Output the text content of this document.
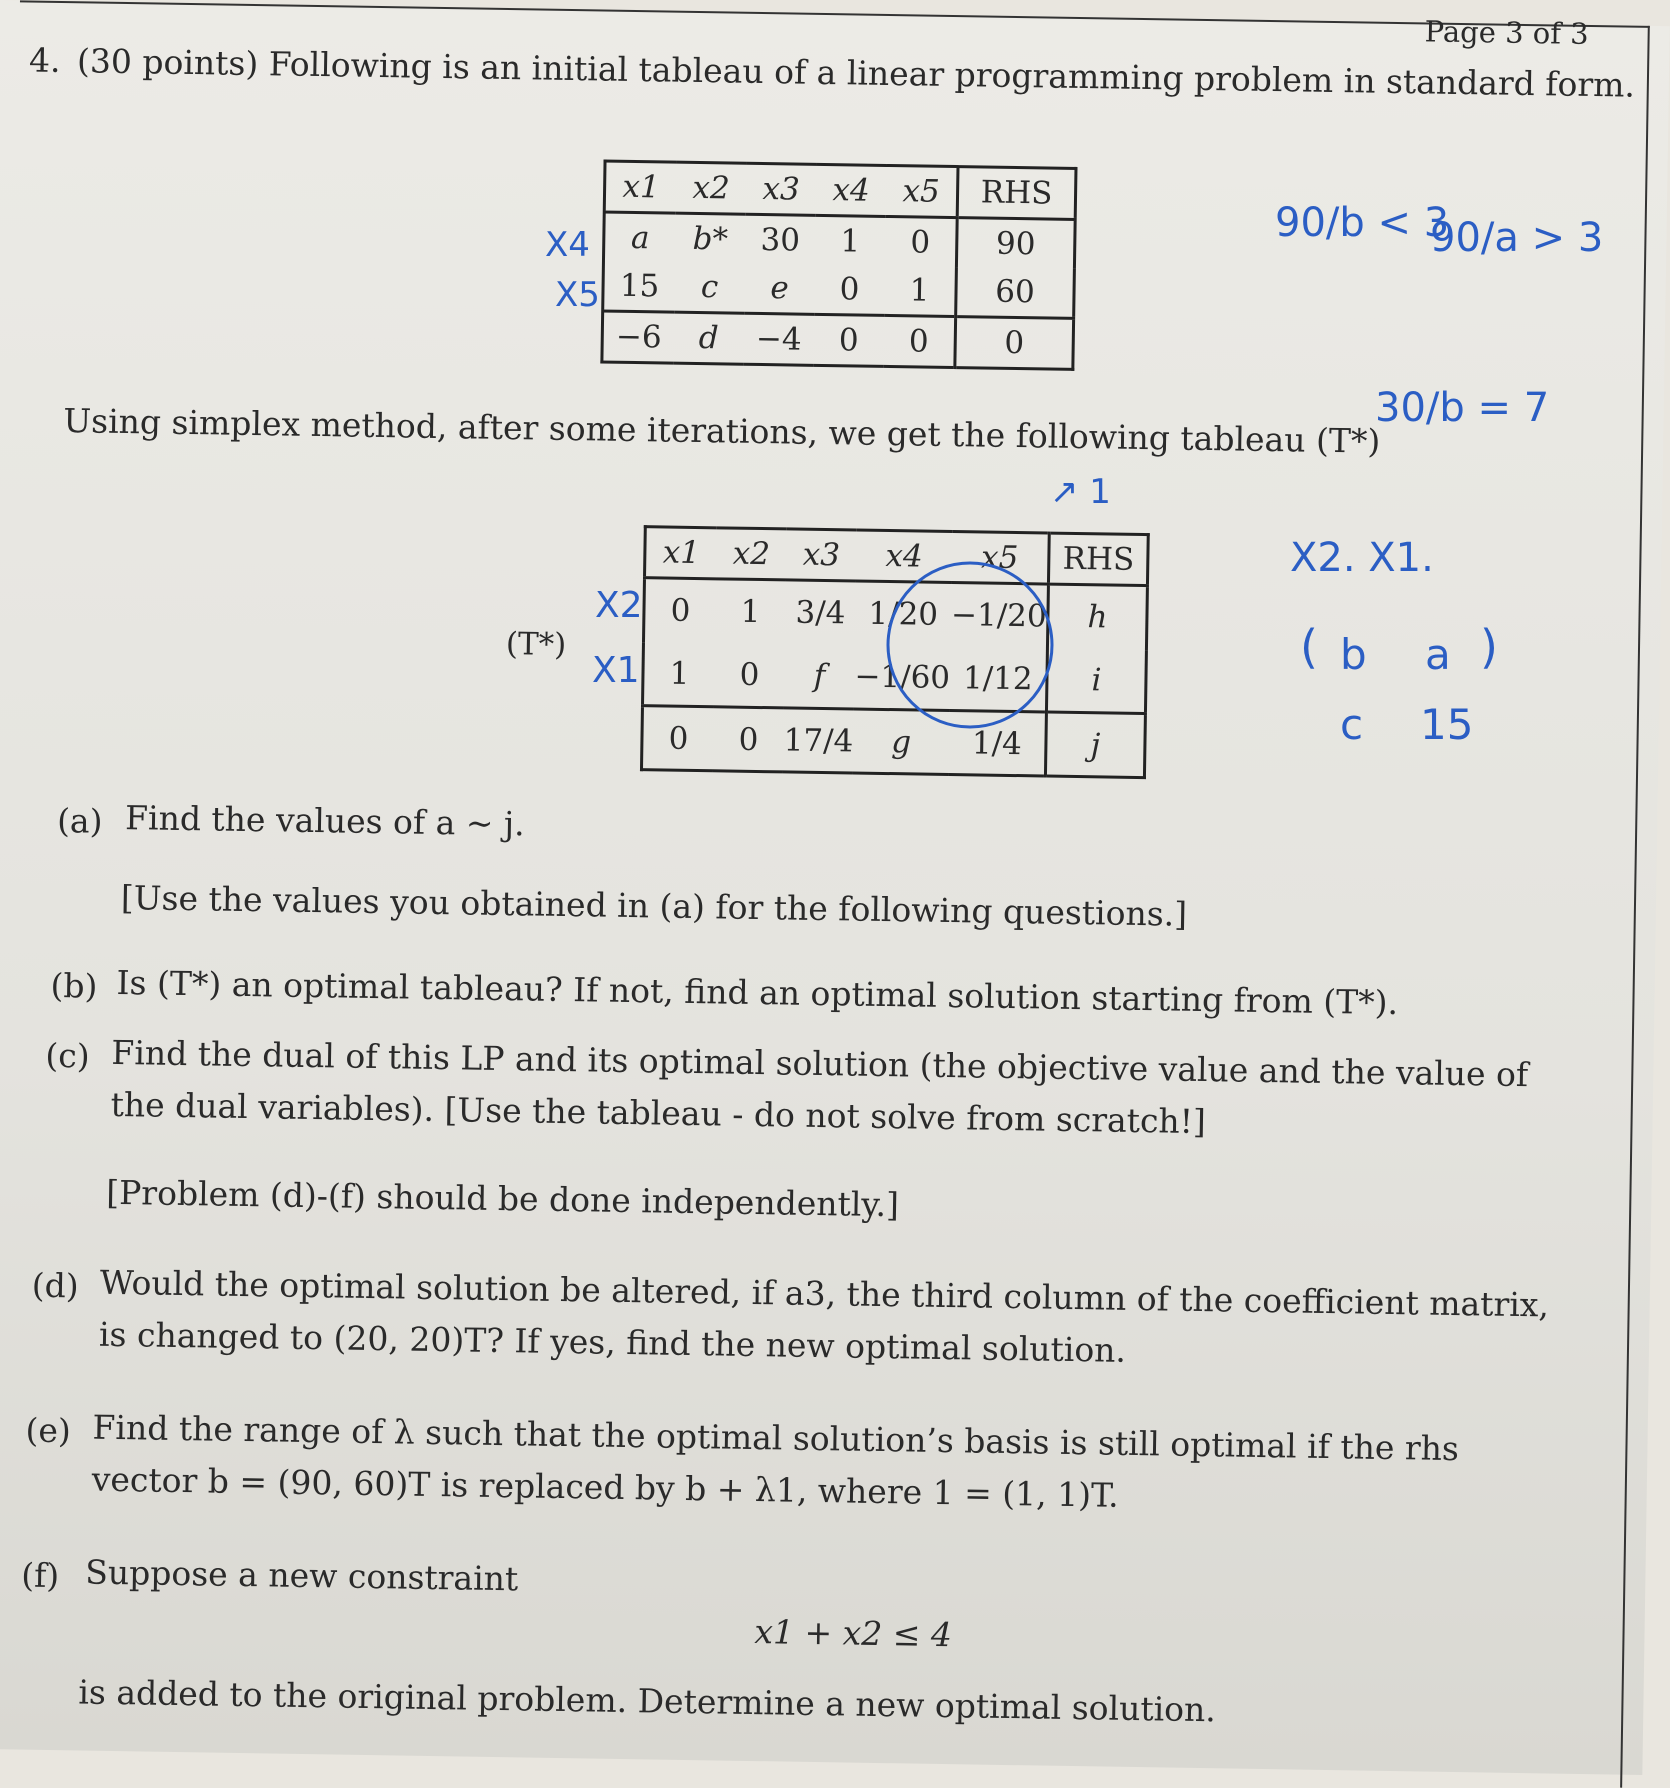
Page 3 of 3
4. (30 points) Following is an initial tableau of a linear programming problem in standard form.
x1	x2	x3	x4	x5	RHS
a	b*	30	1	0	90
15	c	e	0	1	60
−6	d	−4	0	0	0
Using simplex method, after some iterations, we get the following tableau (T*)
(T*)
x1	x2	x3	x4	x5	RHS
0	1	3/4	1/20	−1/20	h
1	0	f	−1/60	1/12	i
0	0	17/4	g	1/4	j
(a) Find the values of a ∼ j.
[Use the values you obtained in (a) for the following questions.]
(b) Is (T*) an optimal tableau? If not, find an optimal solution starting from (T*).
(c) Find the dual of this LP and its optimal solution (the objective value and the value of the dual variables). [Use the tableau - do not solve from scratch!]
[Problem (d)-(f) should be done independently.]
(d) Would the optimal solution be altered, if a3, the third column of the coefficient matrix, is changed to (20, 20)T? If yes, find the new optimal solution.
(e) Find the range of λ such that the optimal solution’s basis is still optimal if the rhs vector b = (90, 60)T is replaced by b + λ1, where 1 = (1, 1)T.
(f) Suppose a new constraint
x1 + x2 ≤ 4
is added to the original problem. Determine a new optimal solution.
X4
X5
90/b < 3
90/a > 3
30/b = 7
X2. X1.
↗ 1
X2
X1	( b a
c 15
)
